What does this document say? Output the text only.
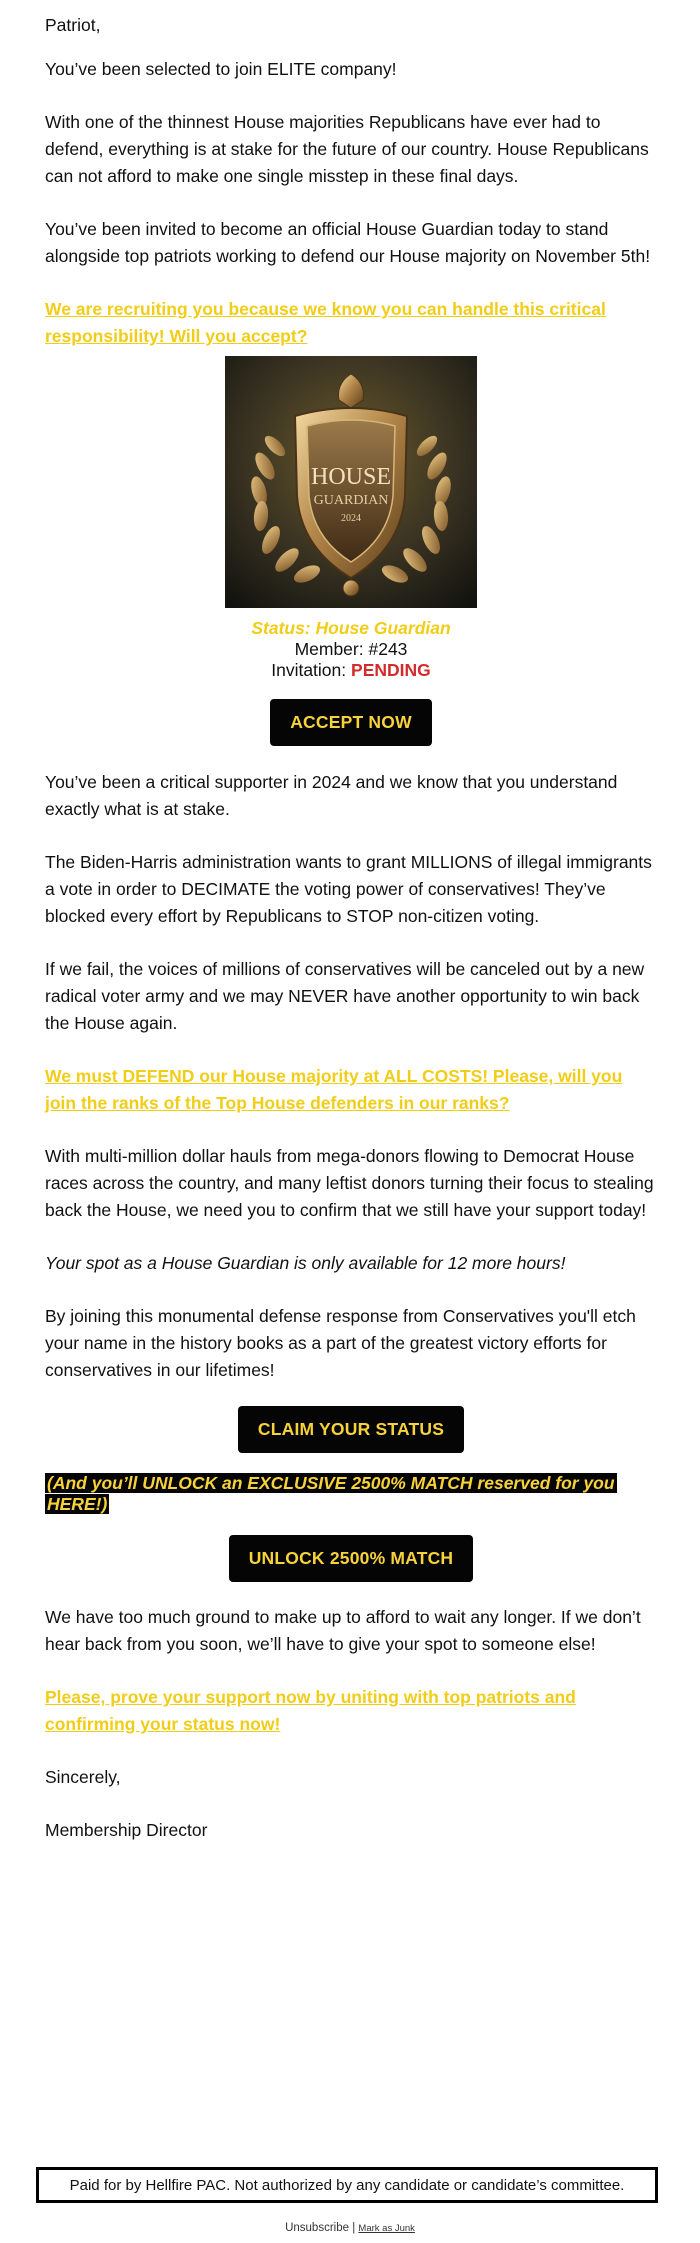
Patriot,

You’ve been selected to join ELITE company!

With one of the thinnest House majorities Republicans have ever had to defend, everything is at stake for the future of our country. House Republicans can not afford to make one single misstep in these final days.

You’ve been invited to become an official House Guardian today to stand alongside top patriots working to defend our House majority on November 5th!

We are recruiting you because we know you can handle this critical responsibility! Will you accept?

HOUSE
GUARDIAN
2024
Status: House Guardian
Member: #243
Invitation: PENDING
ACCEPT NOW

You’ve been a critical supporter in 2024 and we know that you understand exactly what is at stake.

The Biden-Harris administration wants to grant MILLIONS of illegal immigrants a vote in order to DECIMATE the voting power of conservatives! They’ve blocked every effort by Republicans to STOP non-citizen voting.

If we fail, the voices of millions of conservatives will be canceled out by a new radical voter army and we may NEVER have another opportunity to win back the House again.

We must DEFEND our House majority at ALL COSTS! Please, will you join the ranks of the Top House defenders in our ranks?

With multi-million dollar hauls from mega-donors flowing to Democrat House races across the country, and many leftist donors turning their focus to stealing back the House, we need you to confirm that we still have your support today!

Your spot as a House Guardian is only available for 12 more hours!

By joining this monumental defense response from Conservatives you'll etch your name in the history books as a part of the greatest victory efforts for conservatives in our lifetimes!

CLAIM YOUR STATUS

(And you’ll UNLOCK an EXCLUSIVE 2500% MATCH reserved for you HERE!)

UNLOCK 2500% MATCH

We have too much ground to make up to afford to wait any longer. If we don’t hear back from you soon, we’ll have to give your spot to someone else!

Please, prove your support now by uniting with top patriots and confirming your status now!

Sincerely,

Membership Director

Paid for by Hellfire PAC. Not authorized by any candidate or candidate’s committee.
Unsubscribe | Mark as Junk
